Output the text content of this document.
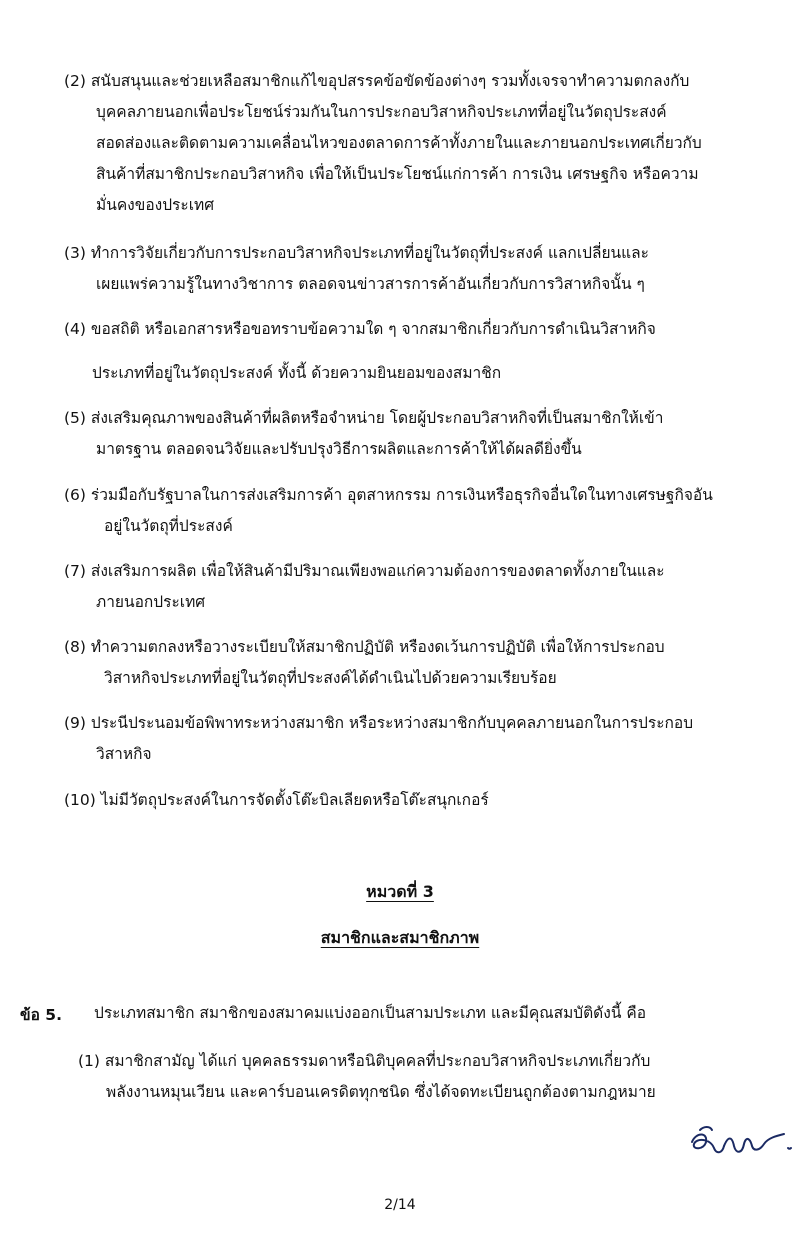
(2) สนับสนุนและช่วยเหลือสมาชิกแก้ไขอุปสรรคข้อขัดข้องต่างๆ รวมทั้งเจรจาทำความตกลงกับ
บุคคลภายนอกเพื่อประโยชน์ร่วมกันในการประกอบวิสาหกิจประเภทที่อยู่ในวัตถุประสงค์
สอดส่องและติดตามความเคลื่อนไหวของตลาดการค้าทั้งภายในและภายนอกประเทศเกี่ยวกับ
สินค้าที่สมาชิกประกอบวิสาหกิจ เพื่อให้เป็นประโยชน์แก่การค้า การเงิน เศรษฐกิจ หรือความ
มั่นคงของประเทศ
(3) ทำการวิจัยเกี่ยวกับการประกอบวิสาหกิจประเภทที่อยู่ในวัตถุที่ประสงค์ แลกเปลี่ยนและ
เผยแพร่ความรู้ในทางวิชาการ ตลอดจนข่าวสารการค้าอันเกี่ยวกับการวิสาหกิจนั้น ๆ
(4) ขอสถิติ หรือเอกสารหรือขอทราบข้อความใด ๆ จากสมาชิกเกี่ยวกับการดำเนินวิสาหกิจ
ประเภทที่อยู่ในวัตถุประสงค์ ทั้งนี้ ด้วยความยินยอมของสมาชิก
(5) ส่งเสริมคุณภาพของสินค้าที่ผลิตหรือจำหน่าย โดยผู้ประกอบวิสาหกิจที่เป็นสมาชิกให้เข้า
มาตรฐาน ตลอดจนวิจัยและปรับปรุงวิธีการผลิตและการค้าให้ได้ผลดียิ่งขึ้น
(6) ร่วมมือกับรัฐบาลในการส่งเสริมการค้า อุตสาหกรรม การเงินหรือธุรกิจอื่นใดในทางเศรษฐกิจอัน
อยู่ในวัตถุที่ประสงค์
(7) ส่งเสริมการผลิต เพื่อให้สินค้ามีปริมาณเพียงพอแก่ความต้องการของตลาดทั้งภายในและ
ภายนอกประเทศ
(8) ทำความตกลงหรือวางระเบียบให้สมาชิกปฏิบัติ หรืองดเว้นการปฏิบัติ เพื่อให้การประกอบ
วิสาหกิจประเภทที่อยู่ในวัตถุที่ประสงค์ได้ดำเนินไปด้วยความเรียบร้อย
(9) ประนีประนอมข้อพิพาทระหว่างสมาชิก หรือระหว่างสมาชิกกับบุคคลภายนอกในการประกอบ
วิสาหกิจ
(10) ไม่มีวัตถุประสงค์ในการจัดตั้งโต๊ะบิลเลียดหรือโต๊ะสนุกเกอร์
หมวดที่ 3
สมาชิกและสมาชิกภาพ
ข้อ 5. ประเภทสมาชิก สมาชิกของสมาคมแบ่งออกเป็นสามประเภท และมีคุณสมบัติดังนี้ คือ
(1) สมาชิกสามัญ ได้แก่ บุคคลธรรมดาหรือนิติบุคคลที่ประกอบวิสาหกิจประเภทเกี่ยวกับ
พลังงานหมุนเวียน และคาร์บอนเครดิตทุกชนิด ซึ่งได้จดทะเบียนถูกต้องตามกฎหมาย
2/14
